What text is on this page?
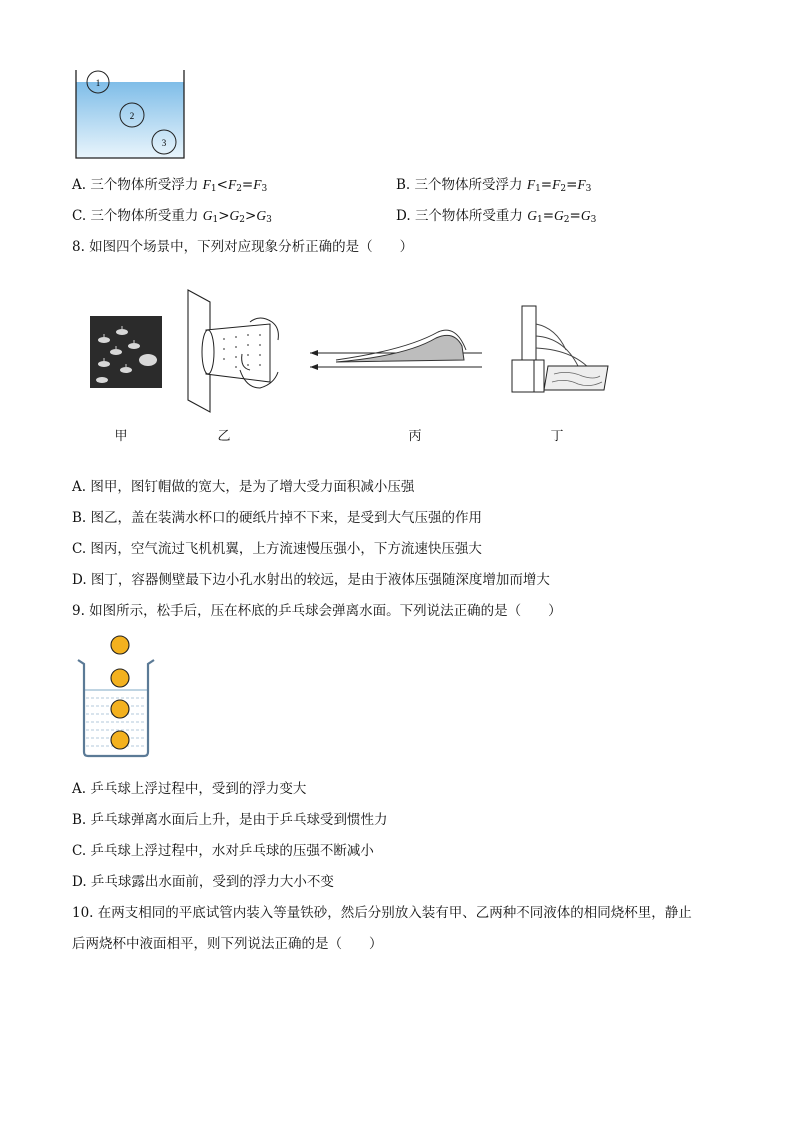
1
2
3
A. 三个物体所受浮力 $F_1<F_2=F_3$	B. 三个物体所受浮力 $F_1=F_2=F_3$
C. 三个物体所受重力 $G_1>G_2>G_3$	D. 三个物体所受重力 $G_1=G_2=G_3$
8. 如图四个场景中，下列对应现象分析正确的是（　　）
甲	乙	丙	丁
A. 图甲，图钉帽做的宽大，是为了增大受力面积减小压强
B. 图乙，盖在装满水杯口的硬纸片掉不下来，是受到大气压强的作用
C. 图丙，空气流过飞机机翼，上方流速慢压强小，下方流速快压强大
D. 图丁，容器侧壁最下边小孔水射出的较远，是由于液体压强随深度增加而增大
9. 如图所示，松手后，压在杯底的乒乓球会弹离水面。下列说法正确的是（　　）
A. 乒乓球上浮过程中，受到的浮力变大
B. 乒乓球弹离水面后上升，是由于乒乓球受到惯性力
C. 乒乓球上浮过程中，水对乒乓球的压强不断减小
D. 乒乓球露出水面前，受到的浮力大小不变
10. 在两支相同的平底试管内装入等量铁砂，然后分别放入装有甲、乙两种不同液体的相同烧杯里，静止
后两烧杯中液面相平，则下列说法正确的是（　　）
